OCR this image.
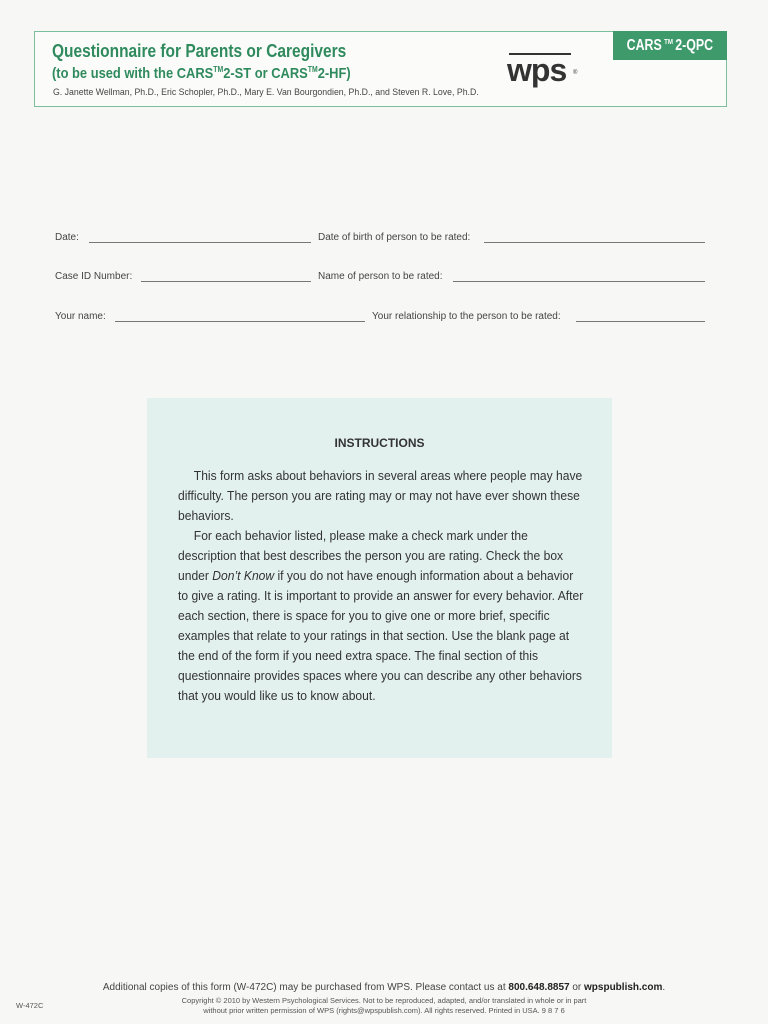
Questionnaire for Parents or Caregivers
(to be used with the CARS™2-ST or CARS™2-HF)
G. Janette Wellman, Ph.D., Eric Schopler, Ph.D., Mary E. Van Bourgondien, Ph.D., and Steven R. Love, Ph.D.
wps ®
CARS ™ 2-QPC
Date:	Date of birth of person to be rated:
Case ID Number:	Name of person to be rated:
Your name:	Your relationship to the person to be rated:
INSTRUCTIONS

This form asks about behaviors in several areas where people may have difficulty. The person you are rating may or may not have ever shown these behaviors.

For each behavior listed, please make a check mark under the description that best describes the person you are rating. Check the box under Don’t Know if you do not have enough information about a behavior to give a rating. It is important to provide an answer for every behavior. After each section, there is space for you to give one or more brief, specific examples that relate to your ratings in that section. Use the blank page at the end of the form if you need extra space. The final section of this questionnaire provides spaces where you can describe any other behaviors that you would like us to know about.

Additional copies of this form (W-472C) may be purchased from WPS. Please contact us at 800.648.8857 or wpspublish.com.
Copyright © 2010 by Western Psychological Services. Not to be reproduced, adapted, and/or translated in whole or in part
without prior written permission of WPS (rights@wpspublish.com). All rights reserved. Printed in USA. 9 8 7 6
W-472C
